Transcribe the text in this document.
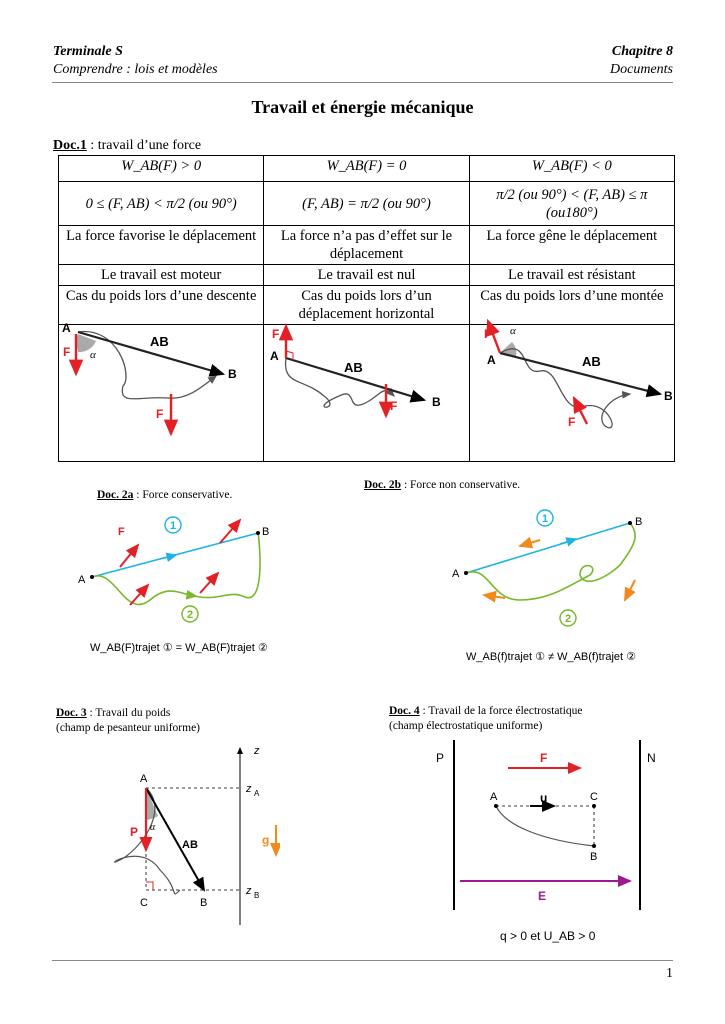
Terminale S
Comprendre : lois et modèles
Chapitre 8
Documents
Travail et énergie mécanique
Doc.1 : travail d’une force
W_AB(F) > 0	W_AB(F) = 0	W_AB(F) < 0
0 ≤ (F, AB) < π/2 (ou 90°)	(F, AB) = π/2 (ou 90°)	π/2 (ou 90°) < (F, AB) ≤ π (ou180°)
La force favorise le déplacement	La force n’a pas d’effet sur le déplacement	La force gêne le déplacement
Le travail est moteur	Le travail est nul	Le travail est résistant
Cas du poids lors d’une descente	Cas du poids lors d’un déplacement horizontal	Cas du poids lors d’une montée

A
B
AB
F
F
α	A
B
AB
F
F
A
B
AB
F
F
α
Doc. 2a : Force conservative.
A
B
1
2
F
W_AB(F)trajet ① = W_AB(F)trajet ②
Doc. 2b : Force non conservative.
A
B
1
2
W_AB(f)trajet ① ≠ W_AB(f)trajet ②
Doc. 3 : Travail du poids
(champ de pesanteur uniforme)
A
B
C
z
z A
z B
P
g
AB
α
Doc. 4 : Travail de la force électrostatique
(champ électrostatique uniforme)
P	N
F
u
E
A	C
B
q > 0 et U_AB > 0
1
